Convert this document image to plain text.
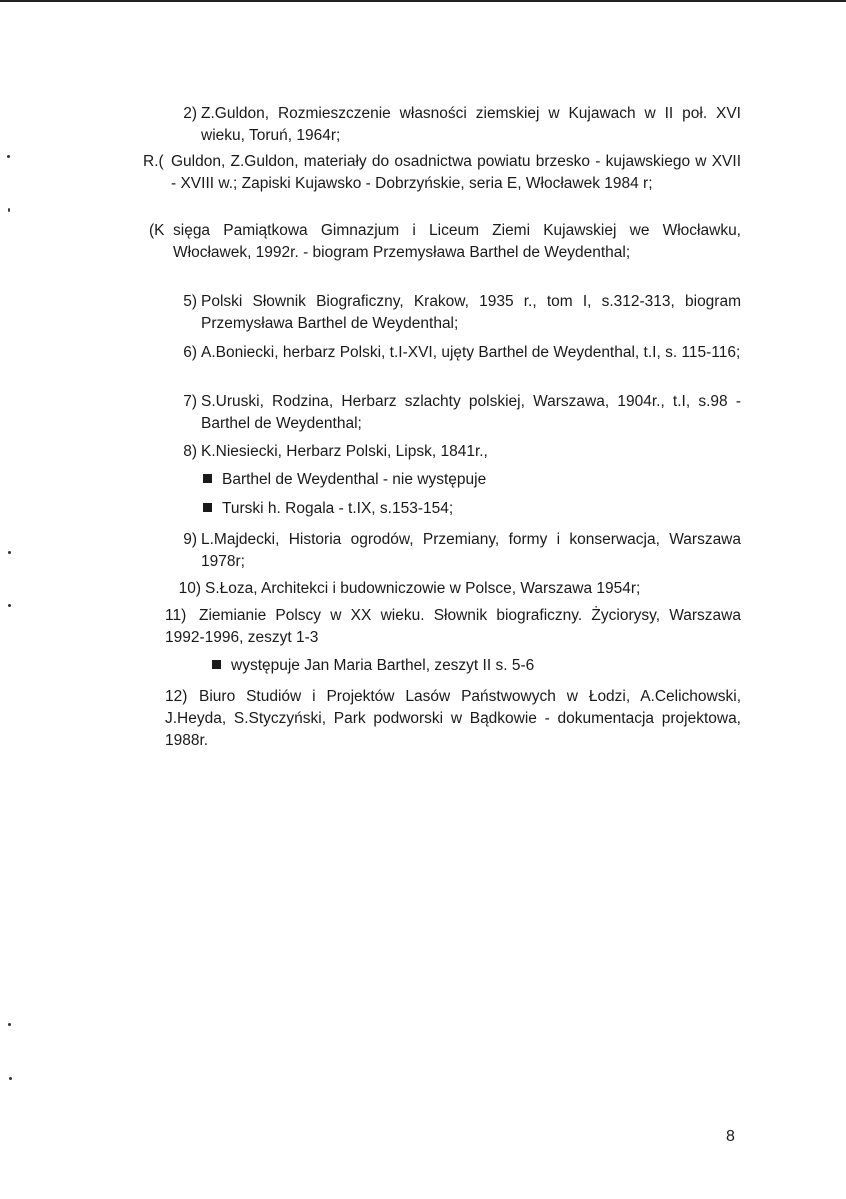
2) Z.Guldon, Rozmieszczenie własności ziemskiej w Kujawach w II poł. XVI wieku, Toruń, 1964r;
R.( Guldon, Z.Guldon, materiały do osadnictwa powiatu brzesko - kujawskiego w XVII - XVIII w.; Zapiski Kujawsko - Dobrzyńskie, seria E, Włocławek 1984 r;
(K sięga Pamiątkowa Gimnazjum i Liceum Ziemi Kujawskiej we Włocławku, Włocławek, 1992r. - biogram Przemysława Barthel de Weydenthal;
5) Polski Słownik Biograficzny, Krakow, 1935 r., tom I, s.312-313, biogram Przemysława Barthel de Weydenthal;
6) A.Boniecki, herbarz Polski, t.I-XVI, ujęty Barthel de Weydenthal, t.I, s. 115-116;
7) S.Uruski, Rodzina, Herbarz szlachty polskiej, Warszawa, 1904r., t.I, s.98 - Barthel de Weydenthal;
8) K.Niesiecki, Herbarz Polski, Lipsk, 1841r.,
Barthel de Weydenthal - nie występuje
Turski h. Rogala - t.IX, s.153-154;
9) L.Majdecki, Historia ogrodów, Przemiany, formy i konserwacja, Warszawa 1978r;
10) S.Łoza, Architekci i budowniczowie w Polsce, Warszawa 1954r;
11) Ziemianie Polscy w XX wieku. Słownik biograficzny. Życiorysy, Warszawa 1992-1996, zeszyt 1-3
występuje Jan Maria Barthel, zeszyt II s. 5-6
12) Biuro Studiów i Projektów Lasów Państwowych w Łodzi, A.Celichowski, J.Heyda, S.Styczyński, Park podworski w Bądkowie - dokumentacja projektowa, 1988r.
8
